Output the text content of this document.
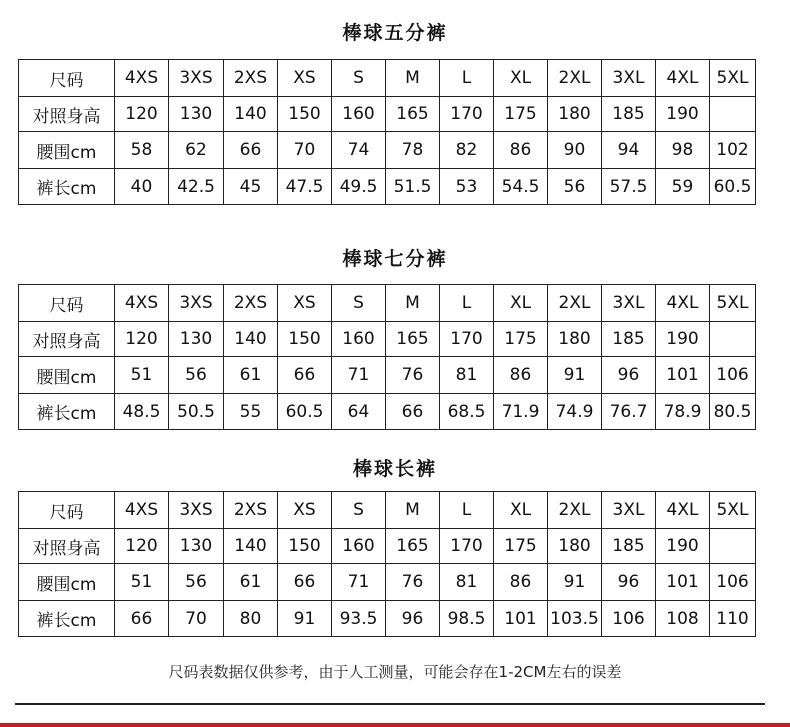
棒球五分裤
尺码	4XS	3XS	2XS	XS	S	M	L	XL	2XL	3XL	4XL	5XL
对照身高	120	130	140	150	160	165	170	175	180	185	190	
腰围cm	58	62	66	70	74	78	82	86	90	94	98	102
裤长cm	40	42.5	45	47.5	49.5	51.5	53	54.5	56	57.5	59	60.5
棒球七分裤
尺码	4XS	3XS	2XS	XS	S	M	L	XL	2XL	3XL	4XL	5XL
对照身高	120	130	140	150	160	165	170	175	180	185	190	
腰围cm	51	56	61	66	71	76	81	86	91	96	101	106
裤长cm	48.5	50.5	55	60.5	64	66	68.5	71.9	74.9	76.7	78.9	80.5
棒球长裤
尺码	4XS	3XS	2XS	XS	S	M	L	XL	2XL	3XL	4XL	5XL
对照身高	120	130	140	150	160	165	170	175	180	185	190	
腰围cm	51	56	61	66	71	76	81	86	91	96	101	106
裤长cm	66	70	80	91	93.5	96	98.5	101	103.5	106	108	110
尺码表数据仅供参考，由于人工测量，可能会存在1-2CM左右的误差
